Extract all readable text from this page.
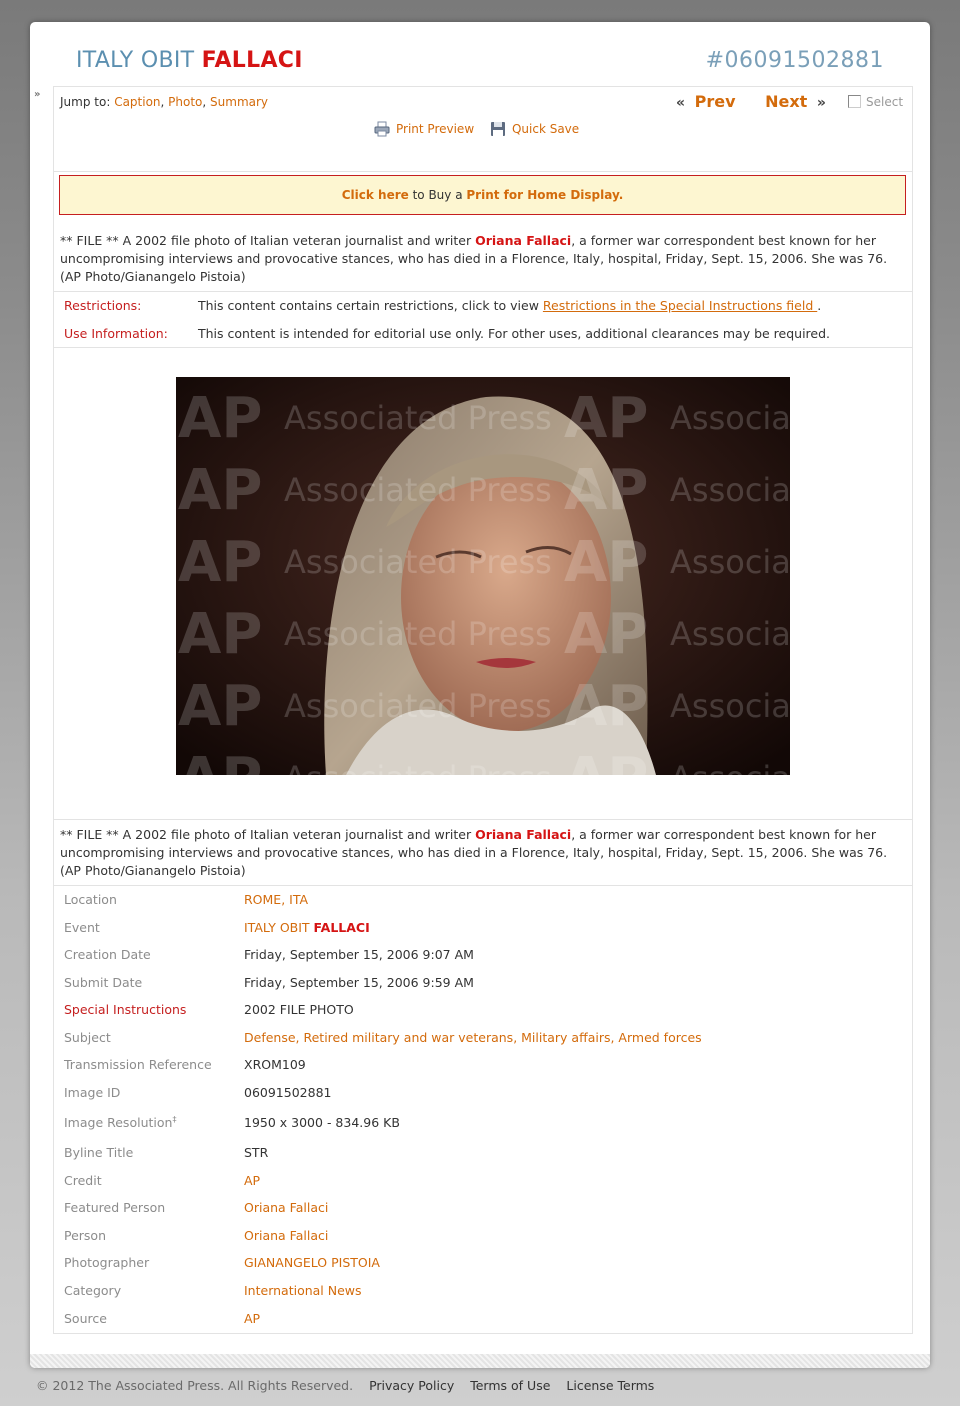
ITALY OBIT FALLACI	#06091502881
»
Jump to: Caption, Photo, Summary	« Prev Next »	Select
Print Preview	Quick Save
Click here to Buy a Print for Home Display.
** FILE ** A 2002 file photo of Italian veteran journalist and writer Oriana Fallaci, a former war correspondent best known for her uncompromising interviews and provocative stances, who has died in a Florence, Italy, hospital, Friday, Sept. 15, 2006. She was 76. (AP Photo/Gianangelo Pistoia)
Restrictions:	This content contains certain restrictions, click to view Restrictions in the Special Instructions field .
Use Information: This content is intended for editorial use only. For other uses, additional clearances may be required.
AP Associated Press AP Associa
AP Associated Press AP Associa
AP Associated Press AP Associa
AP Associated Press AP Associa
AP Associated Press AP Associa
AP Associated Press AP Associa
** FILE ** A 2002 file photo of Italian veteran journalist and writer Oriana Fallaci, a former war correspondent best known for her uncompromising interviews and provocative stances, who has died in a Florence, Italy, hospital, Friday, Sept. 15, 2006. She was 76. (AP Photo/Gianangelo Pistoia)
Location	ROME, ITA
Event	ITALY OBIT FALLACI
Creation Date	Friday, September 15, 2006 9:07 AM
Submit Date	Friday, September 15, 2006 9:59 AM
Special Instructions	2002 FILE PHOTO
Subject	Defense, Retired military and war veterans, Military affairs, Armed forces
Transmission Reference	XROM109
Image ID	06091502881
Image Resolution‡	1950 x 3000 - 834.96 KB
Byline Title	STR
Credit	AP
Featured Person	Oriana Fallaci
Person	Oriana Fallaci
Photographer	GIANANGELO PISTOIA
Category	International News
Source	AP
© 2012 The Associated Press. All Rights Reserved. Privacy Policy Terms of Use License Terms
